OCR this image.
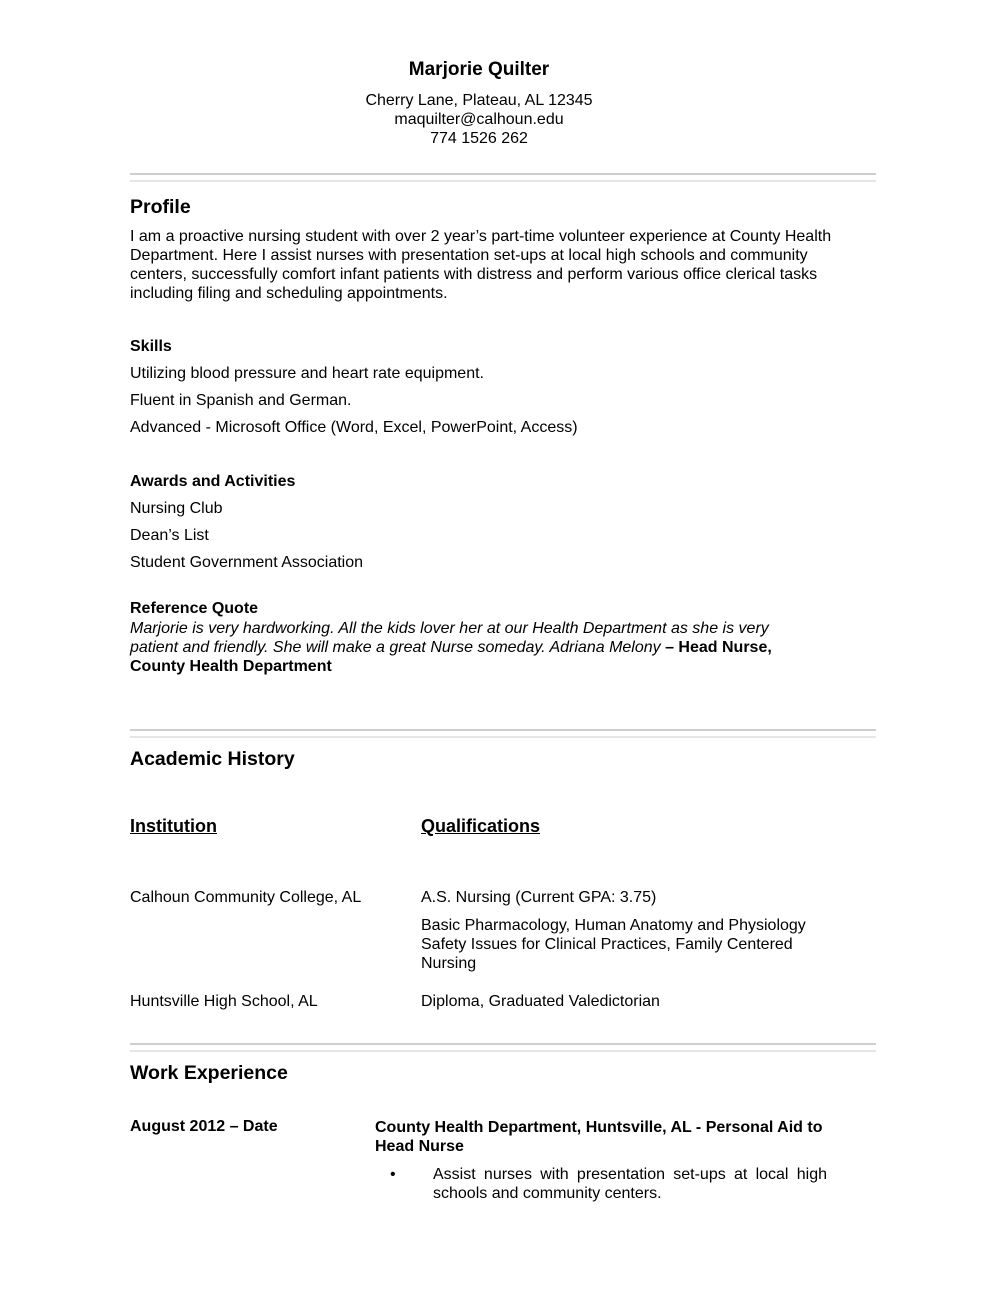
Marjorie Quilter
Cherry Lane, Plateau, AL 12345
maquilter@calhoun.edu
774 1526 262
Profile
I am a proactive nursing student with over 2 year’s part-time volunteer experience at County Health Department. Here I assist nurses with presentation set-ups at local high schools and community centers, successfully comfort infant patients with distress and perform various office clerical tasks including filing and scheduling appointments.
Skills
Utilizing blood pressure and heart rate equipment.
Fluent in Spanish and German.
Advanced - Microsoft Office (Word, Excel, PowerPoint, Access)
Awards and Activities
Nursing Club
Dean’s List
Student Government Association
Reference Quote
Marjorie is very hardworking. All the kids lover her at our Health Department as she is very patient and friendly. She will make a great Nurse someday. Adriana Melony – Head Nurse, County Health Department
Academic History
Institution	Qualifications
Calhoun Community College, AL	A.S. Nursing (Current GPA: 3.75)
Basic Pharmacology, Human Anatomy and Physiology Safety Issues for Clinical Practices, Family Centered Nursing
Huntsville High School, AL	Diploma, Graduated Valedictorian
Work Experience
August 2012 – Date	County Health Department, Huntsville, AL - Personal Aid to Head Nurse
• Assist nurses with presentation set-ups at local high schools and community centers.
